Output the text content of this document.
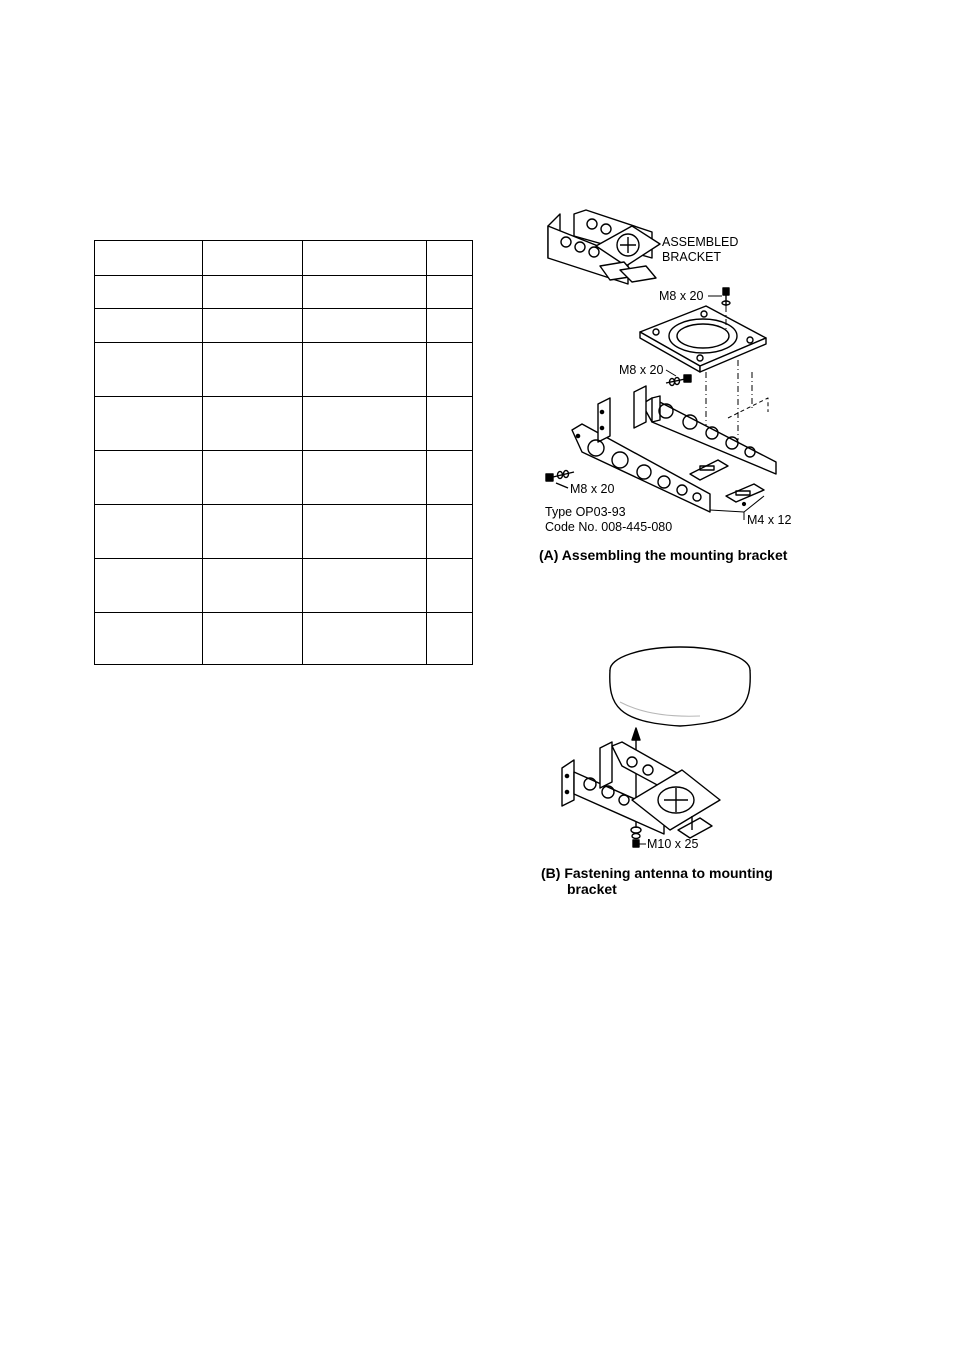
ASSEMBLED
BRACKET
M8 x 20
M8 x 20
M8 x 20
M4 x 12
Type OP03-93
Code No. 008-445-080
(A) Assembling the mounting bracket
M10 x 25
(B) Fastening antenna to mounting
bracket
